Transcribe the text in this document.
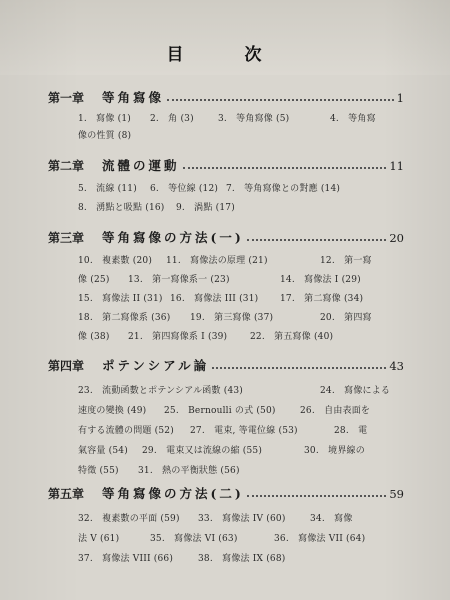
目　次
第一章 等角寫像	1
1.　寫像 (1) 2.　角 (3)	3.　等角寫像 (5)	4.　等角寫
像の性質 (8)
第二章 流體の運動	11
5.　流線 (11) 6.　等位線 (12) 7.　等角寫像との對應 (14)
8.　湧點と吸點 (16) 9.　渦點 (17)
第三章 等角寫像の方法(一)	20
10.　複素數 (20) 11.　寫像法の原理 (21)	12.　第一寫
像 (25) 13.　第一寫像系一 (23)	14.　寫像法 I (29)
15.　寫像法 II (31) 16.　寫像法 III (31) 17.　第二寫像 (34)
18.　第二寫像系 (36) 19.　第三寫像 (37)	20.　第四寫
像 (38) 21.　第四寫像系 I (39)	22.　第五寫像 (40)
第四章 ポテンシアル論	43
23.　流動函數とポテンシアル函數 (43)	24.　寫像による
速度の變換 (49) 25.　Bernoulli の式 (50)	26.　自由表面を
有する流體の問題 (52) 27.　電束, 等電位線 (53)	28.　電
氣容量 (54) 29.　電束又は流線の縮 (55)	30.　境界線の
特徵 (55) 31.　熱の平衡狀態 (56)
第五章 等角寫像の方法(二)	59
32.　複素數の平面 (59) 33.　寫像法 IV (60)	34.　寫像
法 V (61)	35.　寫像法 VI (63)	36.　寫像法 VII (64)
37.　寫像法 VIII (66)	38.　寫像法 IX (68)
